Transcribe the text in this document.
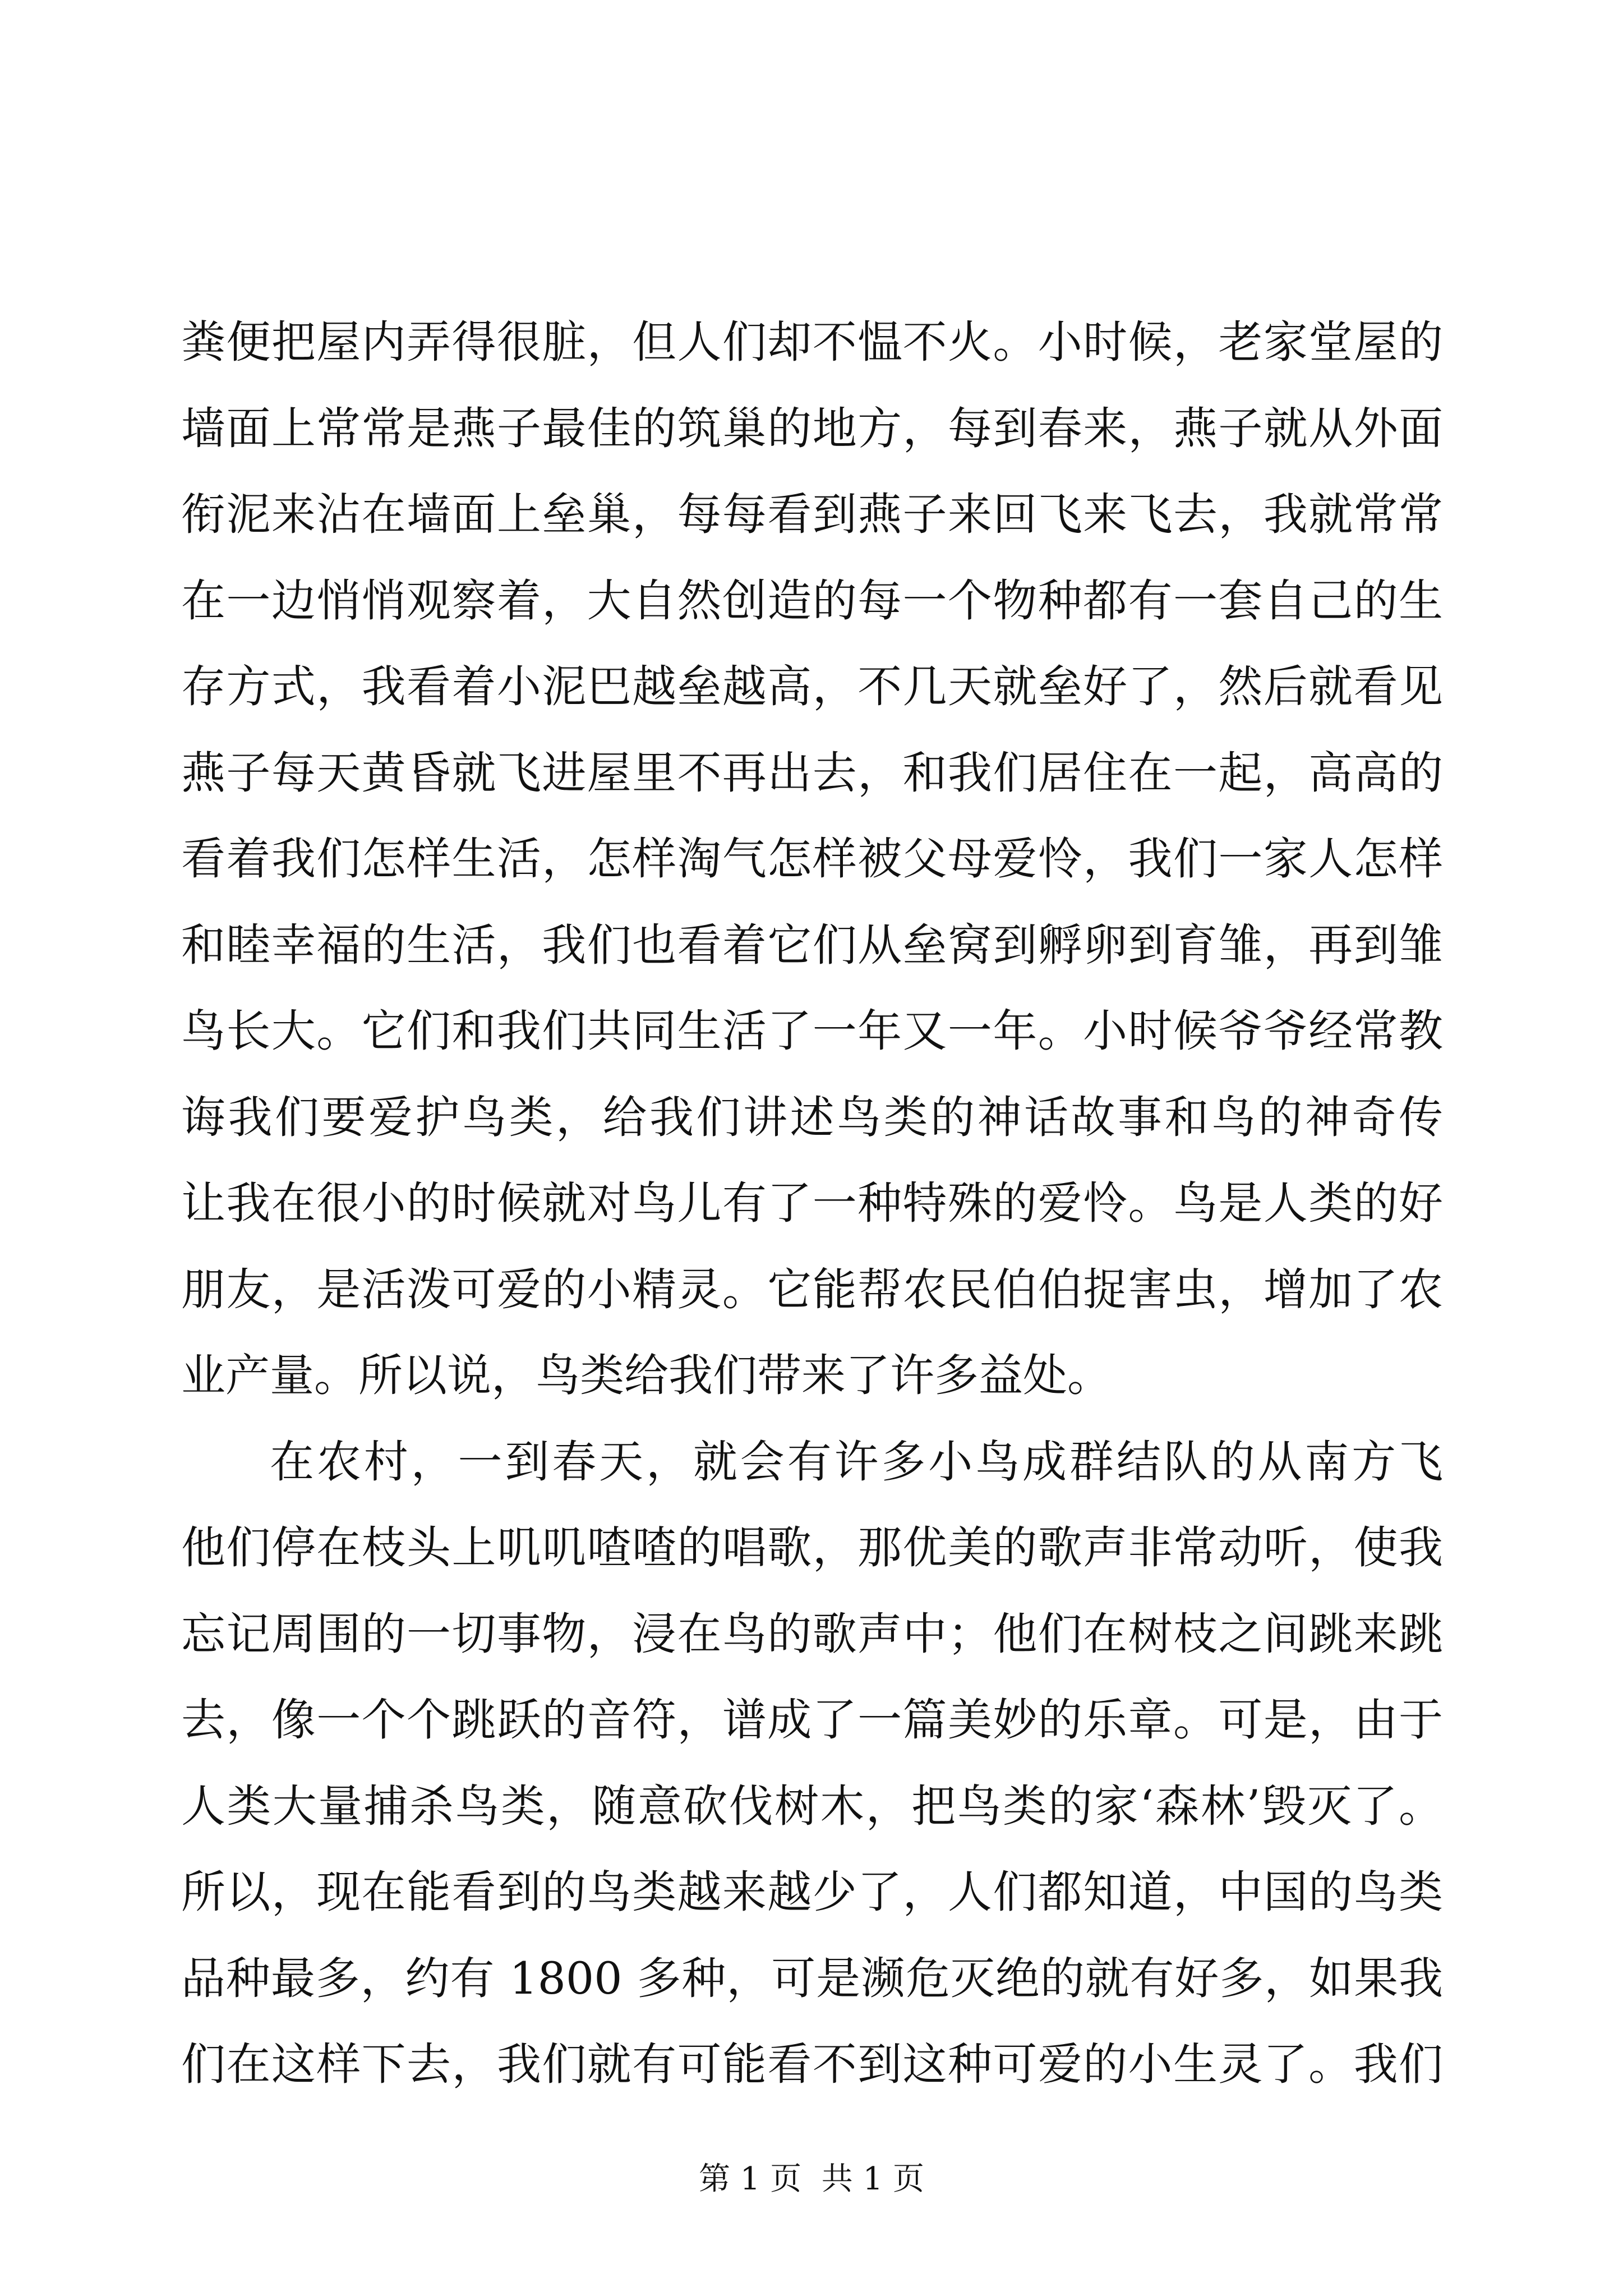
粪便把屋内弄得很脏，但人们却不愠不火。小时候，老家堂屋的
墙面上常常是燕子最佳的筑巢的地方，每到春来，燕子就从外面
衔泥来沾在墙面上垒巢，每每看到燕子来回飞来飞去，我就常常
在一边悄悄观察着，大自然创造的每一个物种都有一套自己的生
存方式，我看着小泥巴越垒越高，不几天就垒好了，然后就看见
燕子每天黄昏就飞进屋里不再出去，和我们居住在一起，高高的
看着我们怎样生活，怎样淘气怎样被父母爱怜，我们一家人怎样
和睦幸福的生活，我们也看着它们从垒窝到孵卵到育雏，再到雏
鸟长大。它们和我们共同生活了一年又一年。小时候爷爷经常教
诲我们要爱护鸟类，给我们讲述鸟类的神话故事和鸟的神奇传
让我在很小的时候就对鸟儿有了一种特殊的爱怜。鸟是人类的好
朋友，是活泼可爱的小精灵。它能帮农民伯伯捉害虫，增加了农
业产量。所以说，鸟类给我们带来了许多益处。
在农村，一到春天，就会有许多小鸟成群结队的从南方飞
他们停在枝头上叽叽喳喳的唱歌，那优美的歌声非常动听，使我
忘记周围的一切事物，浸在鸟的歌声中；他们在树枝之间跳来跳
去，像一个个跳跃的音符，谱成了一篇美妙的乐章。可是，由于
人类大量捕杀鸟类，随意砍伐树木，把鸟类的家‘森林’毁灭了。
所以，现在能看到的鸟类越来越少了，人们都知道，中国的鸟类
品种最多，约有 1800 多种，可是濒危灭绝的就有好多，如果我
们在这样下去，我们就有可能看不到这种可爱的小生灵了。我们
第 1 页  共 1 页
